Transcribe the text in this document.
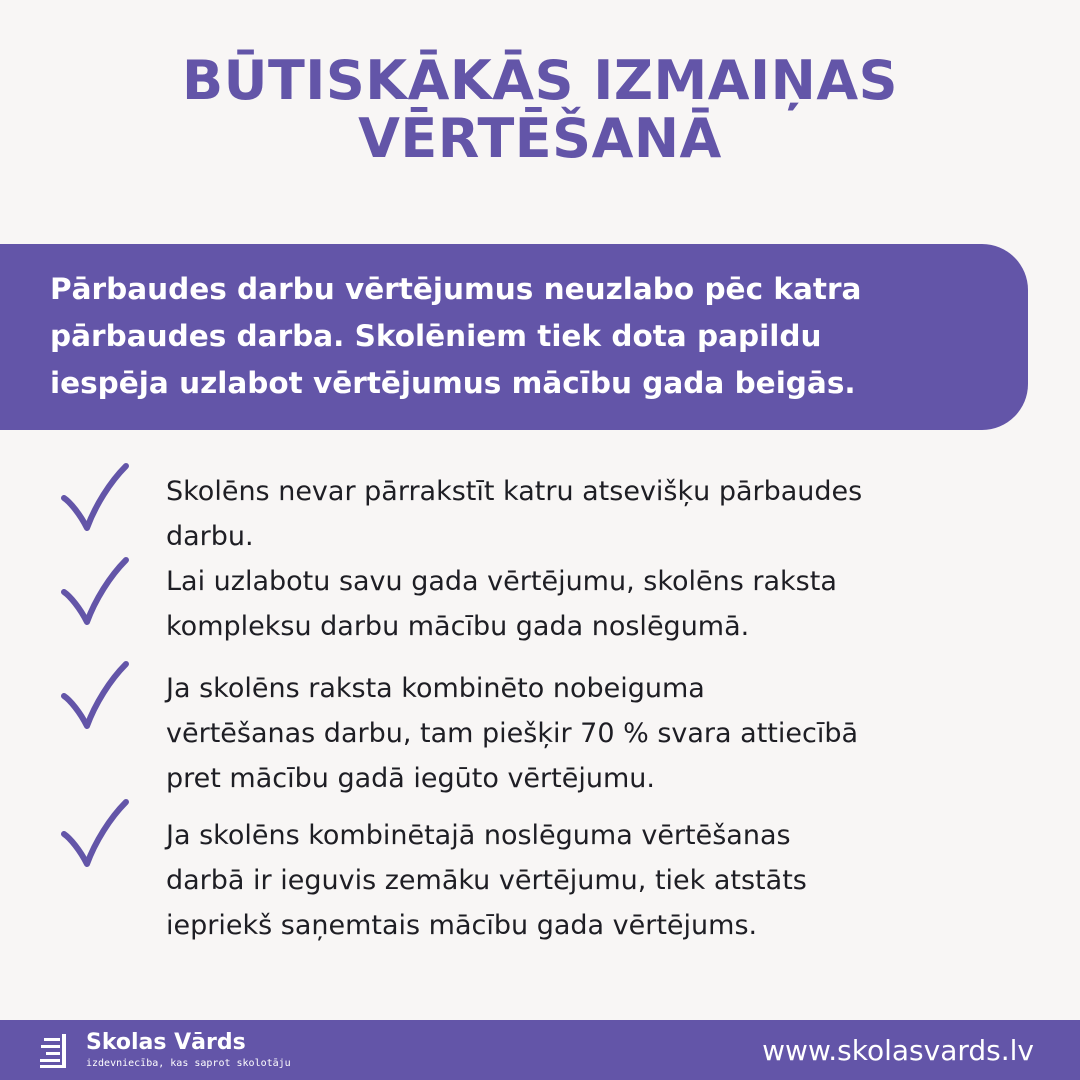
BŪTISKĀKĀS IZMAIŅAS
VĒRTĒŠANĀ

Pārbaudes darbu vērtējumus neuzlabo pēc katra
pārbaudes darba. Skolēniem tiek dota papildu
iespēja uzlabot vērtējumus mācību gada beigās.

Skolēns nevar pārrakstīt katru atsevišķu pārbaudes
darbu.

Lai uzlabotu savu gada vērtējumu, skolēns raksta
kompleksu darbu mācību gada noslēgumā.

Ja skolēns raksta kombinēto nobeiguma
vērtēšanas darbu, tam piešķir 70 % svara attiecībā
pret mācību gadā iegūto vērtējumu.

Ja skolēns kombinētajā noslēguma vērtēšanas
darbā ir ieguvis zemāku vērtējumu, tiek atstāts
iepriekš saņemtais mācību gada vērtējums.

Skolas Vārds
izdevniecība, kas saprot skolotāju	www.skolasvards.lv
